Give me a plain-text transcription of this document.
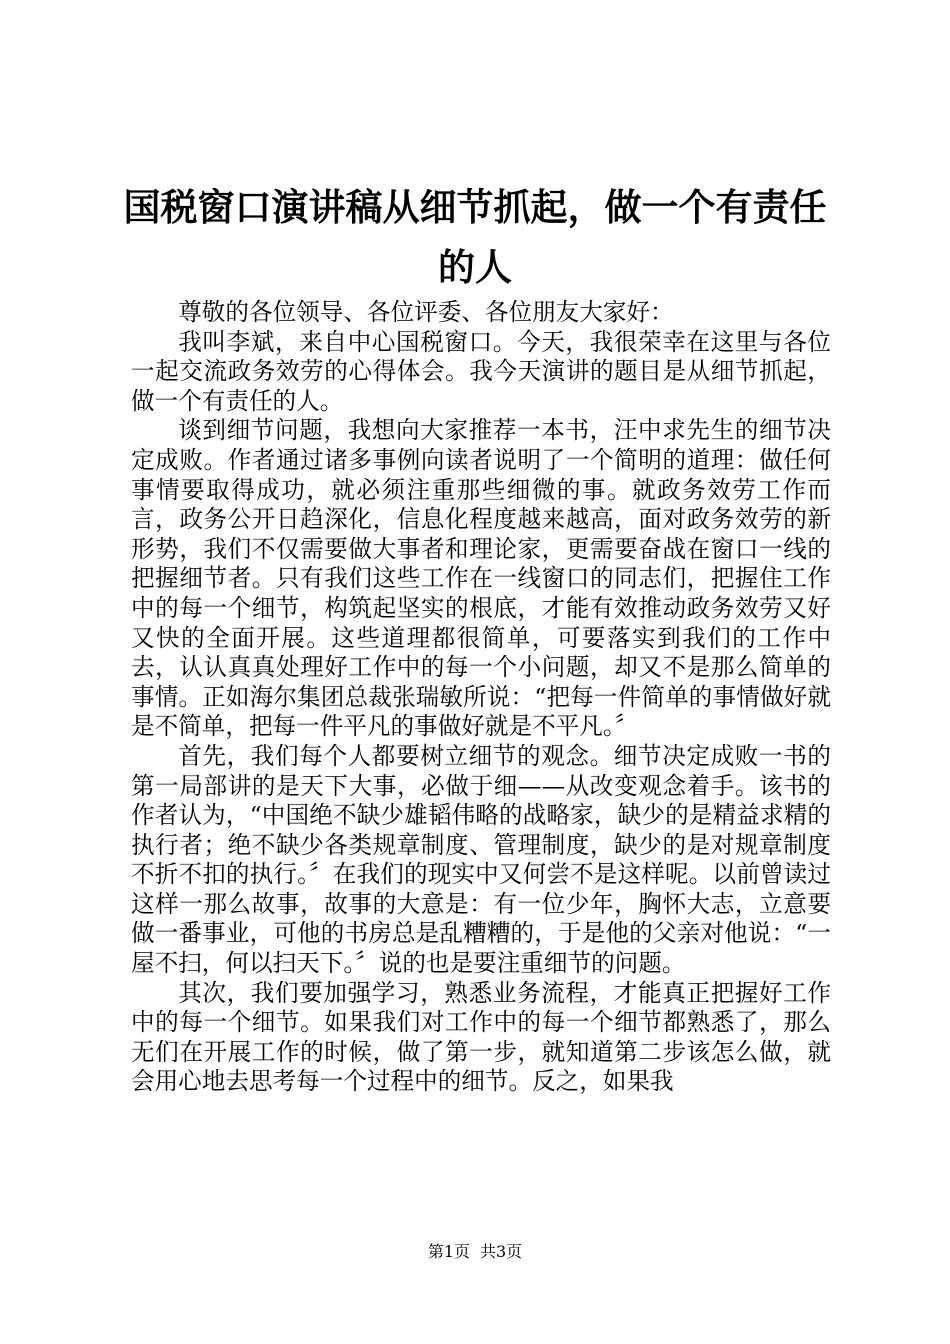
国税窗口演讲稿从细节抓起，做一个有责任的人

尊敬的各位领导、各位评委、各位朋友大家好：

我叫李斌，来自中心国税窗口。今天，我很荣幸在这里与各位一起交流政务效劳的心得体会。我今天演讲的题目是从细节抓起，做一个有责任的人。

谈到细节问题，我想向大家推荐一本书，汪中求先生的细节决定成败。作者通过诸多事例向读者说明了一个简明的道理：做任何事情要取得成功，就必须注重那些细微的事。就政务效劳工作而言，政务公开日趋深化，信息化程度越来越高，面对政务效劳的新形势，我们不仅需要做大事者和理论家，更需要奋战在窗口一线的把握细节者。只有我们这些工作在一线窗口的同志们，把握住工作中的每一个细节，构筑起坚实的根底，才能有效推动政务效劳又好又快的全面开展。这些道理都很简单，可要落实到我们的工作中去，认认真真处理好工作中的每一个小问题，却又不是那么简单的事情。正如海尔集团总裁张瑞敏所说：“把每一件简单的事情做好就是不简单，把每一件平凡的事做好就是不平凡。〞

首先，我们每个人都要树立细节的观念。细节决定成败一书的第一局部讲的是天下大事，必做于细——从改变观念着手。该书的作者认为，“中国绝不缺少雄韬伟略的战略家，缺少的是精益求精的执行者；绝不缺少各类规章制度、管理制度，缺少的是对规章制度不折不扣的执行。〞在我们的现实中又何尝不是这样呢。以前曾读过这样一那么故事，故事的大意是：有一位少年，胸怀大志，立意要做一番事业，可他的书房总是乱糟糟的，于是他的父亲对他说：“一屋不扫，何以扫天下。〞说的也是要注重细节的问题。

其次，我们要加强学习，熟悉业务流程，才能真正把握好工作中的每一个细节。如果我们对工作中的每一个细节都熟悉了，那么无们在开展工作的时候，做了第一步，就知道第二步该怎么做，就会用心地去思考每一个过程中的细节。反之，如果我

第1页 共3页
